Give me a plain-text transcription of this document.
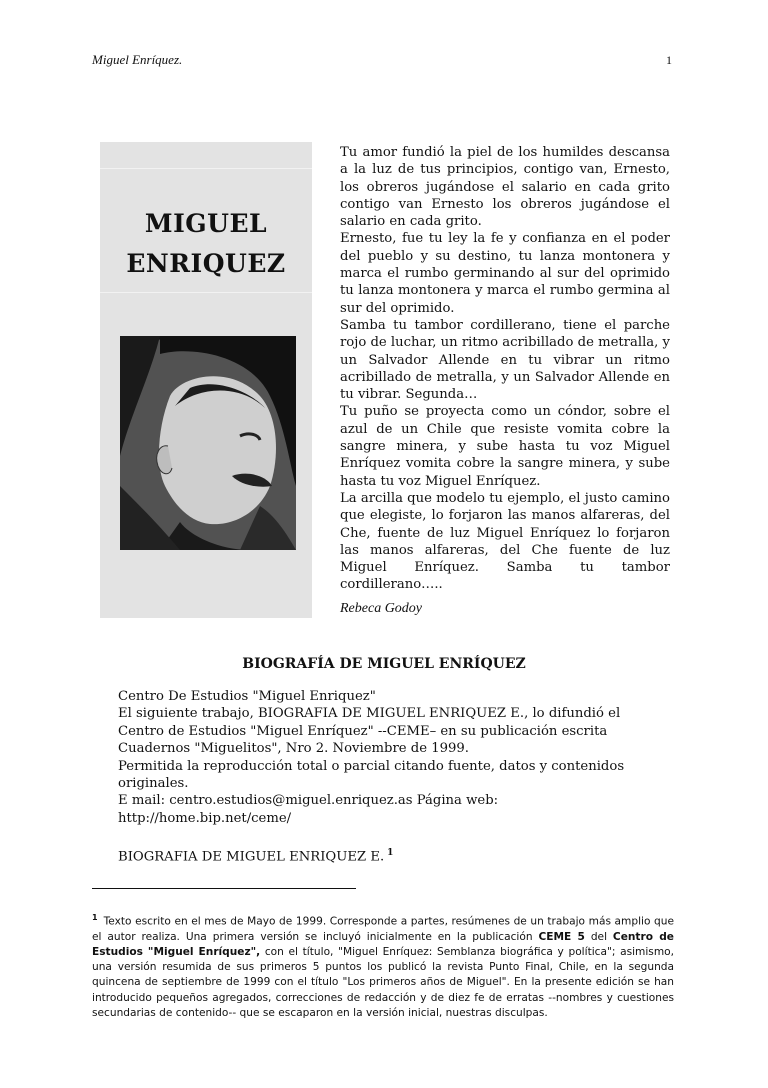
Miguel Enríquez.	1
MIGUEL
ENRIQUEZ

Tu amor fundió la piel de los humildes descansa a la luz de tus principios, contigo van, Ernesto, los obreros jugándose el salario en cada grito contigo van Ernesto los obreros jugándose el salario en cada grito.

Ernesto, fue tu ley la fe y confianza en el poder del pueblo y su destino, tu lanza montonera y marca el rumbo germinando al sur del oprimido tu lanza montonera y marca el rumbo germina al sur del oprimido.

Samba tu tambor cordillerano, tiene el parche rojo de luchar, un ritmo acribillado de metralla, y un Salvador Allende en tu vibrar un ritmo acribillado de metralla, y un Salvador Allende en tu vibrar. Segunda…

Tu puño se proyecta como un cóndor, sobre el azul de un Chile que resiste vomita cobre la sangre minera, y sube hasta tu voz Miguel Enríquez vomita cobre la sangre minera, y sube hasta tu voz Miguel Enríquez.

La arcilla que modelo tu ejemplo, el justo camino que elegiste, lo forjaron las manos alfareras, del Che, fuente de luz Miguel Enríquez lo forjaron las manos alfareras, del Che fuente de luz Miguel Enríquez. Samba tu tambor cordillerano…..

Rebeca Godoy

BIOGRAFÍA DE MIGUEL ENRÍQUEZ
Centro De Estudios "Miguel Enriquez"
El siguiente trabajo, BIOGRAFIA DE MIGUEL ENRIQUEZ E., lo difundió el
Centro de Estudios "Miguel Enríquez" --CEME– en su publicación escrita
Cuadernos "Miguelitos", Nro 2. Noviembre de 1999.
Permitida la reproducción total o parcial citando fuente, datos y contenidos
originales.
E mail: centro.estudios@miguel.enriquez.as Página web:
http://home.bip.net/ceme/
BIOGRAFIA DE MIGUEL ENRIQUEZ E. $^1$
$^1$ Texto escrito en el mes de Mayo de 1999. Corresponde a partes, resúmenes de un trabajo más amplio que el autor realiza. Una primera versión se incluyó inicialmente en la publicación CEME 5 del Centro de Estudios "Miguel Enríquez", con el título, "Miguel Enríquez: Semblanza biográfica y política"; asimismo, una versión resumida de sus primeros 5 puntos los publicó la revista Punto Final, Chile, en la segunda quincena de septiembre de 1999 con el título "Los primeros años de Miguel". En la presente edición se han introducido pequeños agregados, correcciones de redacción y de diez fe de erratas --nombres y cuestiones secundarias de contenido-- que se escaparon en la versión inicial, nuestras disculpas.
